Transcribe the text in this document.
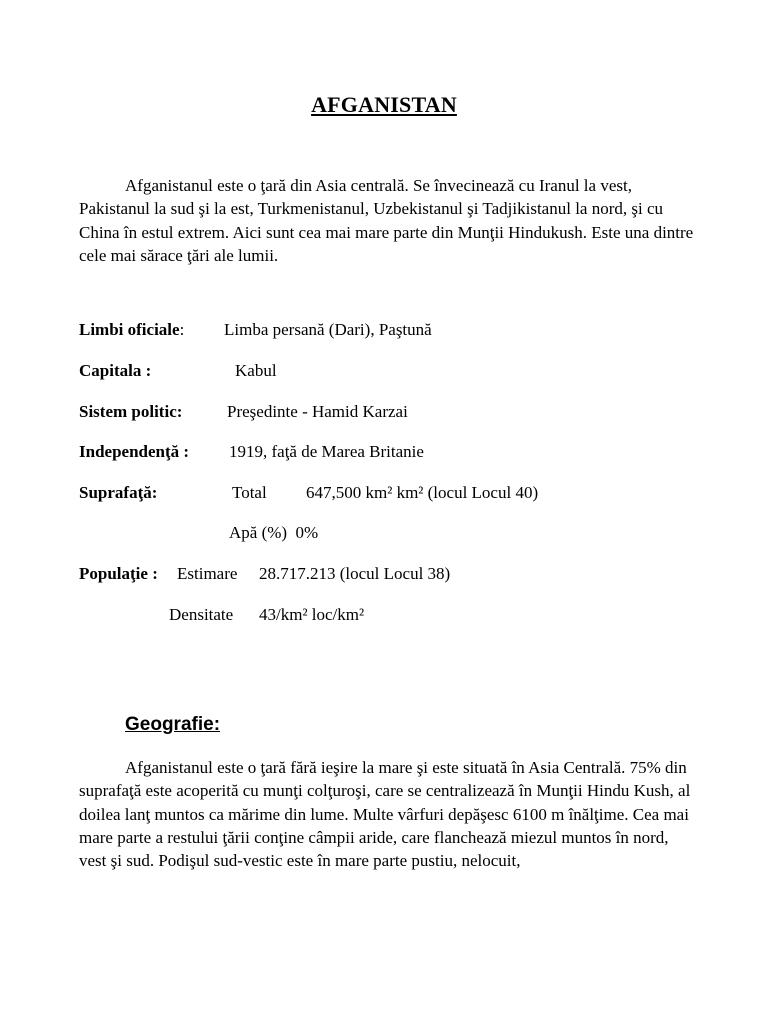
AFGANISTAN
Afganistanul este o ţară din Asia centrală. Se învecinează cu Iranul la vest, Pakistanul la sud şi la est, Turkmenistanul, Uzbekistanul şi Tadjikistanul la nord, şi cu China în estul extrem. Aici sunt cea mai mare parte din Munţii Hindukush. Este una dintre cele mai sărace ţări ale lumii.
Limbi oficiale: Limba persană (Dari), Paştună
Capitala :	Kabul
Sistem politic:	Preşedinte - Hamid Karzai
Independenţă : 1919, faţă de Marea Britanie
Suprafaţă:	Total 647,500 km² km² (locul Locul 40)
Apă (%)  0%
Populaţie : Estimare 28.717.213 (locul Locul 38)
Densitate 43/km² loc/km²
Geografie:
Afganistanul este o ţară fără ieşire la mare şi este situată în Asia Centrală. 75% din suprafaţă este acoperită cu munţi colţuroşi, care se centralizează în Munţii Hindu Kush, al doilea lanţ muntos ca mărime din lume. Multe vârfuri depăşesc 6100 m înălţime. Cea mai mare parte a restului ţării conţine câmpii aride, care flanchează miezul muntos în nord, vest şi sud. Podişul sud-vestic este în mare parte pustiu, nelocuit,
